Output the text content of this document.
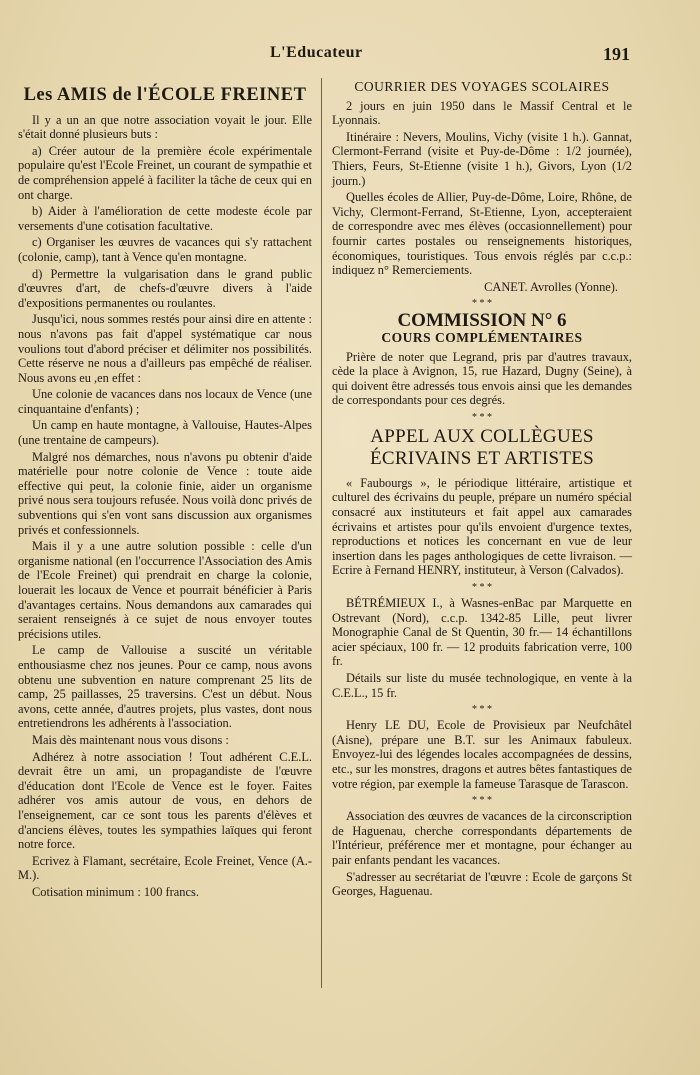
L'Educateur	191
Les AMIS de l'ÉCOLE FREINET

Il y a un an que notre association voyait le jour. Elle s'était donné plusieurs buts :

a) Créer autour de la première école expérimentale populaire qu'est l'Ecole Freinet, un courant de sympathie et de compréhension appelé à faciliter la tâche de ceux qui en ont charge.

b) Aider à l'amélioration de cette modeste école par versements d'une cotisation facultative.

c) Organiser les œuvres de vacances qui s'y rattachent (colonie, camp), tant à Vence qu'en montagne.

d) Permettre la vulgarisation dans le grand public d'œuvres d'art, de chefs-d'œuvre divers à l'aide d'expositions permanentes ou roulantes.

Jusqu'ici, nous sommes restés pour ainsi dire en attente : nous n'avons pas fait d'appel systématique car nous voulions tout d'abord préciser et délimiter nos possibilités. Cette réserve ne nous a d'ailleurs pas empêché de réaliser. Nous avons eu ,en effet :

Une colonie de vacances dans nos locaux de Vence (une cinquantaine d'enfants) ;

Un camp en haute montagne, à Vallouise, Hautes-Alpes (une trentaine de campeurs).

Malgré nos démarches, nous n'avons pu obtenir d'aide matérielle pour notre colonie de Vence : toute aide effective qui peut, la colonie finie, aider un organisme privé nous sera toujours refusée. Nous voilà donc privés de subventions qui s'en vont sans discussion aux organismes privés et confessionnels.

Mais il y a une autre solution possible : celle d'un organisme national (en l'occurrence l'Association des Amis de l'Ecole Freinet) qui prendrait en charge la colonie, louerait les locaux de Vence et pourrait bénéficier à Paris d'avantages certains. Nous demandons aux camarades qui seraient renseignés à ce sujet de nous envoyer toutes précisions utiles.

Le camp de Vallouise a suscité un véritable enthousiasme chez nos jeunes. Pour ce camp, nous avons obtenu une subvention en nature comprenant 25 lits de camp, 25 paillasses, 25 traversins. C'est un début. Nous avons, cette année, d'autres projets, plus vastes, dont nous entretiendrons les adhérents à l'association.

Mais dès maintenant nous vous disons :

Adhérez à notre association ! Tout adhérent C.E.L. devrait être un ami, un propagandiste de l'œuvre d'éducation dont l'Ecole de Vence est le foyer. Faites adhérer vos amis autour de vous, en dehors de l'enseignement, car ce sont tous les parents d'élèves et d'anciens élèves, toutes les sympathies laïques qui feront notre force.

Ecrivez à Flamant, secrétaire, Ecole Freinet, Vence (A.-M.).

Cotisation minimum : 100 francs.

COURRIER DES VOYAGES SCOLAIRES

2 jours en juin 1950 dans le Massif Central et le Lyonnais.

Itinéraire : Nevers, Moulins, Vichy (visite 1 h.). Gannat, Clermont-Ferrand (visite et Puy-de-Dôme : 1/2 journée), Thiers, Feurs, St-Etienne (visite 1 h.), Givors, Lyon (1/2 journ.)

Quelles écoles de Allier, Puy-de-Dôme, Loire, Rhône, de Vichy, Clermont-Ferrand, St-Etienne, Lyon, accepteraient de correspondre avec mes élèves (occasionnellement) pour fournir cartes postales ou renseignements historiques, économiques, touristiques. Tous envois réglés par c.c.p.: indiquez n° Remerciements.

CANET. Avrolles (Yonne).

* * *
COMMISSION N° 6
COURS COMPLÉMENTAIRES

Prière de noter que Legrand, pris par d'autres travaux, cède la place à Avignon, 15, rue Hazard, Dugny (Seine), à qui doivent être adressés tous envois ainsi que les demandes de correspondants pour ces degrés.

* * *
APPEL AUX COLLÈGUES
ÉCRIVAINS ET ARTISTES

« Faubourgs », le périodique littéraire, artistique et culturel des écrivains du peuple, prépare un numéro spécial consacré aux instituteurs et fait appel aux camarades écrivains et artistes pour qu'ils envoient d'urgence textes, reproductions et notices les concernant en vue de leur insertion dans les pages anthologiques de cette livraison. — Ecrire à Fernand HENRY, instituteur, à Verson (Calvados).

* * *

BÉTRÉMIEUX I., à Wasnes-enBac par Marquette en Ostrevant (Nord), c.c.p. 1342-85 Lille, peut livrer Monographie Canal de St Quentin, 30 fr.— 14 échantillons acier spéciaux, 100 fr. — 12 produits fabrication verre, 100 fr.

Détails sur liste du musée technologique, en vente à la C.E.L., 15 fr.

* * *

Henry LE DU, Ecole de Provisieux par Neufchâtel (Aisne), prépare une B.T. sur les Animaux fabuleux. Envoyez-lui des légendes locales accompagnées de dessins, etc., sur les monstres, dragons et autres bêtes fantastiques de votre région, par exemple la fameuse Tarasque de Tarascon.

* * *

Association des œuvres de vacances de la circonscription de Haguenau, cherche correspondants départements de l'Intérieur, préférence mer et montagne, pour échanger au pair enfants pendant les vacances.

S'adresser au secrétariat de l'œuvre : Ecole de garçons St Georges, Haguenau.
